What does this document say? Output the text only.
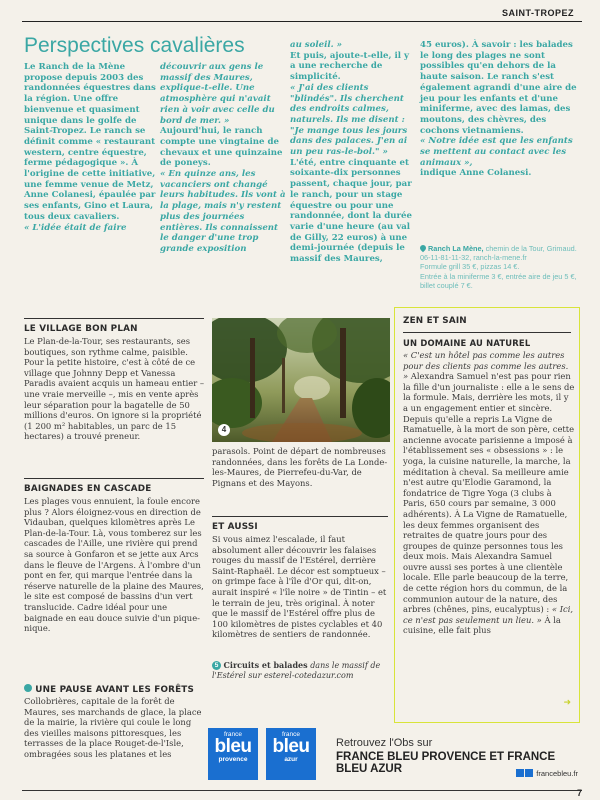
SAINT-TROPEZ
Perspectives cavalières

Le Ranch de la Mène propose depuis 2003 des randonnées équestres dans la région. Une offre bienvenue et quasiment unique dans le golfe de Saint-Tropez. Le ranch se définit comme « restaurant western, centre équestre, ferme pédagogique ». À l'origine de cette initiative, une femme venue de Metz, Anne Colanesi, épaulée par ses enfants, Gino et Laura, tous deux cavaliers.

« L'idée était de faire

découvrir aux gens le massif des Maures, explique-t-elle. Une atmosphère qui n'avait rien à voir avec celle du bord de mer. »

Aujourd'hui, le ranch compte une vingtaine de chevaux et une quinzaine de poneys.

« En quinze ans, les vacanciers ont changé leurs habitudes. Ils vont à la plage, mais n'y restent plus des journées entières. Ils connaissent le danger d'une trop grande exposition

au soleil. »

Et puis, ajoute-t-elle, il y a une recherche de simplicité.

« J'ai des clients "blindés". Ils cherchent des endroits calmes, naturels. Ils me disent : "Je mange tous les jours dans des palaces. J'en ai un peu ras-le-bol." »

L'été, entre cinquante et soixante-dix personnes passent, chaque jour, par le ranch, pour un stage équestre ou pour une randonnée, dont la durée varie d'une heure (au val de Gilly, 22 euros) à une demi-journée (depuis le massif des Maures,

45 euros). À savoir : les balades le long des plages ne sont possibles qu'en dehors de la haute saison. Le ranch s'est également agrandi d'une aire de jeu pour les enfants et d'une miniferme, avec des lamas, des moutons, des chèvres, des cochons vietnamiens.

« Notre idée est que les enfants se mettent au contact avec les animaux »,

indique Anne Colanesi.

Ranch La Mène, chemin de la Tour, Grimaud. 06-11-81-11-32, ranch-la-mene.fr
Formule grill 35 €, pizzas 14 €.
Entrée à la miniferme 3 €, entrée aire de jeu 5 €, billet couplé 7 €.
LE VILLAGE BON PLAN
Le Plan-de-la-Tour, ses restaurants, ses boutiques, son rythme calme, paisible. Pour la petite histoire, c'est à côté de ce village que Johnny Depp et Vanessa Paradis avaient acquis un hameau entier – une vraie merveille –, mis en vente après leur séparation pour la bagatelle de 50 millions d'euros. On ignore si la propriété (1 200 m² habitables, un parc de 15 hectares) a trouvé preneur.
BAIGNADES EN CASCADE
Les plages vous ennuient, la foule encore plus ? Alors éloignez-vous en direction de Vidauban, quelques kilomètres après Le Plan-de-la-Tour. Là, vous tomberez sur les cascades de l'Aille, une rivière qui prend sa source à Gonfaron et se jette aux Arcs dans le fleuve de l'Argens. À l'ombre d'un pont en fer, qui marque l'entrée dans la réserve naturelle de la plaine des Maures, le site est composé de bassins d'un vert translucide. Cadre idéal pour une baignade en eau douce suivie d'un pique-nique.
UNE PAUSE AVANT LES FORÊTS
Collobrières, capitale de la forêt de Maures, ses marchands de glace, la place de la mairie, la rivière qui coule le long des vieilles maisons pittoresques, les terrasses de la place Rouget-de-l'Isle, ombragées sous les platanes et les
4
parasols. Point de départ de nombreuses randonnées, dans les forêts de La Londe-les-Maures, de Pierrefeu-du-Var, de Pignans et des Mayons.
ET AUSSI
Si vous aimez l'escalade, il faut absolument aller découvrir les falaises rouges du massif de l'Estérel, derrière Saint-Raphaël. Le décor est somptueux – on grimpe face à l'île d'Or qui, dit-on, aurait inspiré « l'île noire » de Tintin – et le terrain de jeu, très original. À noter que le massif de l'Estérel offre plus de 100 kilomètres de pistes cyclables et 40 kilomètres de sentiers de randonnée.
5 Circuits et balades dans le massif de l'Estérel sur esterel-cotedazur.com
ZEN ET SAIN
UN DOMAINE AU NATUREL
« C'est un hôtel pas comme les autres pour des clients pas comme les autres. » Alexandra Samuel n'est pas pour rien la fille d'un journaliste : elle a le sens de la formule. Mais, derrière les mots, il y a un engagement entier et sincère. Depuis qu'elle a repris La Vigne de Ramatuelle, à la mort de son père, cette ancienne avocate parisienne a imposé à l'établissement ses « obsessions » : le yoga, la cuisine naturelle, la marche, la méditation à cheval. Sa meilleure amie n'est autre qu'Elodie Garamond, la fondatrice de Tigre Yoga (3 clubs à Paris, 650 cours par semaine, 3 000 adhérents). À La Vigne de Ramatuelle, les deux femmes organisent des retraites de quatre jours pour des groupes de quinze personnes tous les deux mois. Mais Alexandra Samuel ouvre aussi ses portes à une clientèle locale. Elle parle beaucoup de la terre, de cette région hors du commun, de la communion autour de la nature, des arbres (chênes, pins, eucalyptus) : « Ici, ce n'est pas seulement un lieu. » À la cuisine, elle fait plus
➜
france
bleu
provence
france
bleu
azur
Retrouvez l'Obs sur
FRANCE BLEU PROVENCE ET FRANCE BLEU AZUR	francebleu.fr
7
